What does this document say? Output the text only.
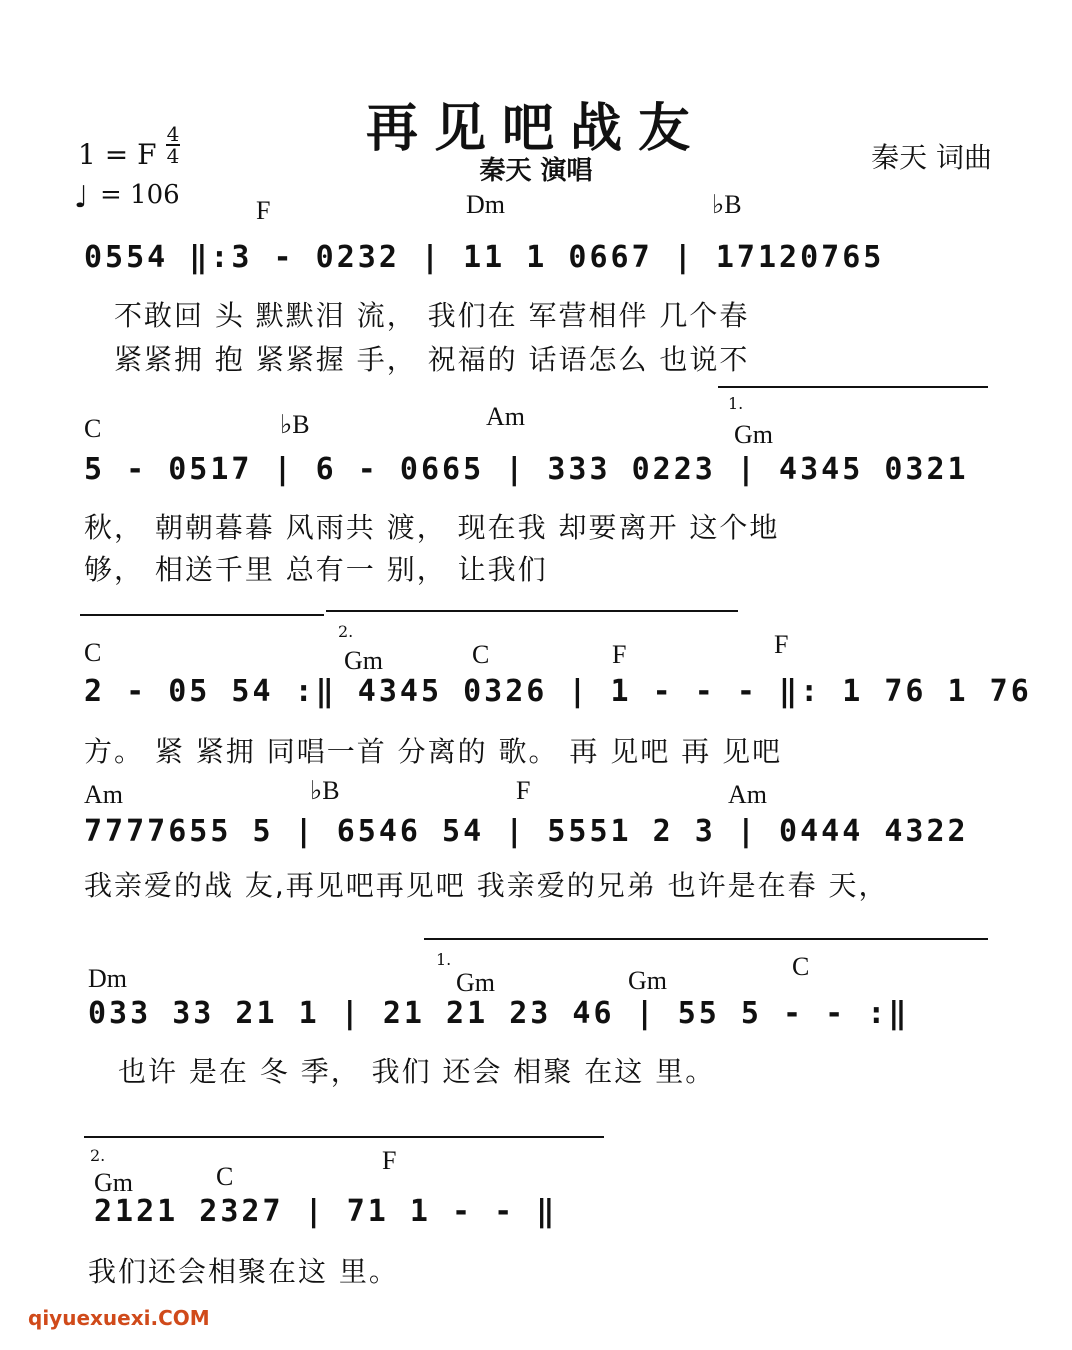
再见吧战友
秦天 演唱	秦天 词曲
1 = F
4
4
♩ = 106
F	Dm	♭B
0554 ‖:3 - 0232 | 11 1 0667 | 17120765
不敢回 头 默默泪 流， 我们在 军营相伴 几个春
紧紧拥 抱 紧紧握 手， 祝福的 话语怎么 也说不
C	♭B	Am
Gm
1.
5 - 0517 | 6 - 0665 | 333 0223 | 4345 0321
秋， 朝朝暮暮 风雨共 渡， 现在我 却要离开 这个地
够， 相送千里 总有一 别， 让我们
C	Gm	C	F	F
2.
2 - 05 54 :‖ 4345 0326 | 1 - - - ‖: 1 76 1 76
方。 紧 紧拥 同唱一首 分离的 歌。 再 见吧 再 见吧
Am	♭B	F	Am
7777655 5 | 6546 54 | 5551 2 3 | 0444 4322
我亲爱的战 友,再见吧再见吧 我亲爱的兄弟 也许是在春 天，
Dm	Gm	Gm	C
1.
033 33 21 1 | 21 21 23 46 | 55 5 - - :‖
也许 是在 冬 季， 我们 还会 相聚 在这 里。
Gm	C
F
2.
2121 2327 | 71 1 - - ‖
我们还会相聚在这 里。
qiyuexuexi.COM
